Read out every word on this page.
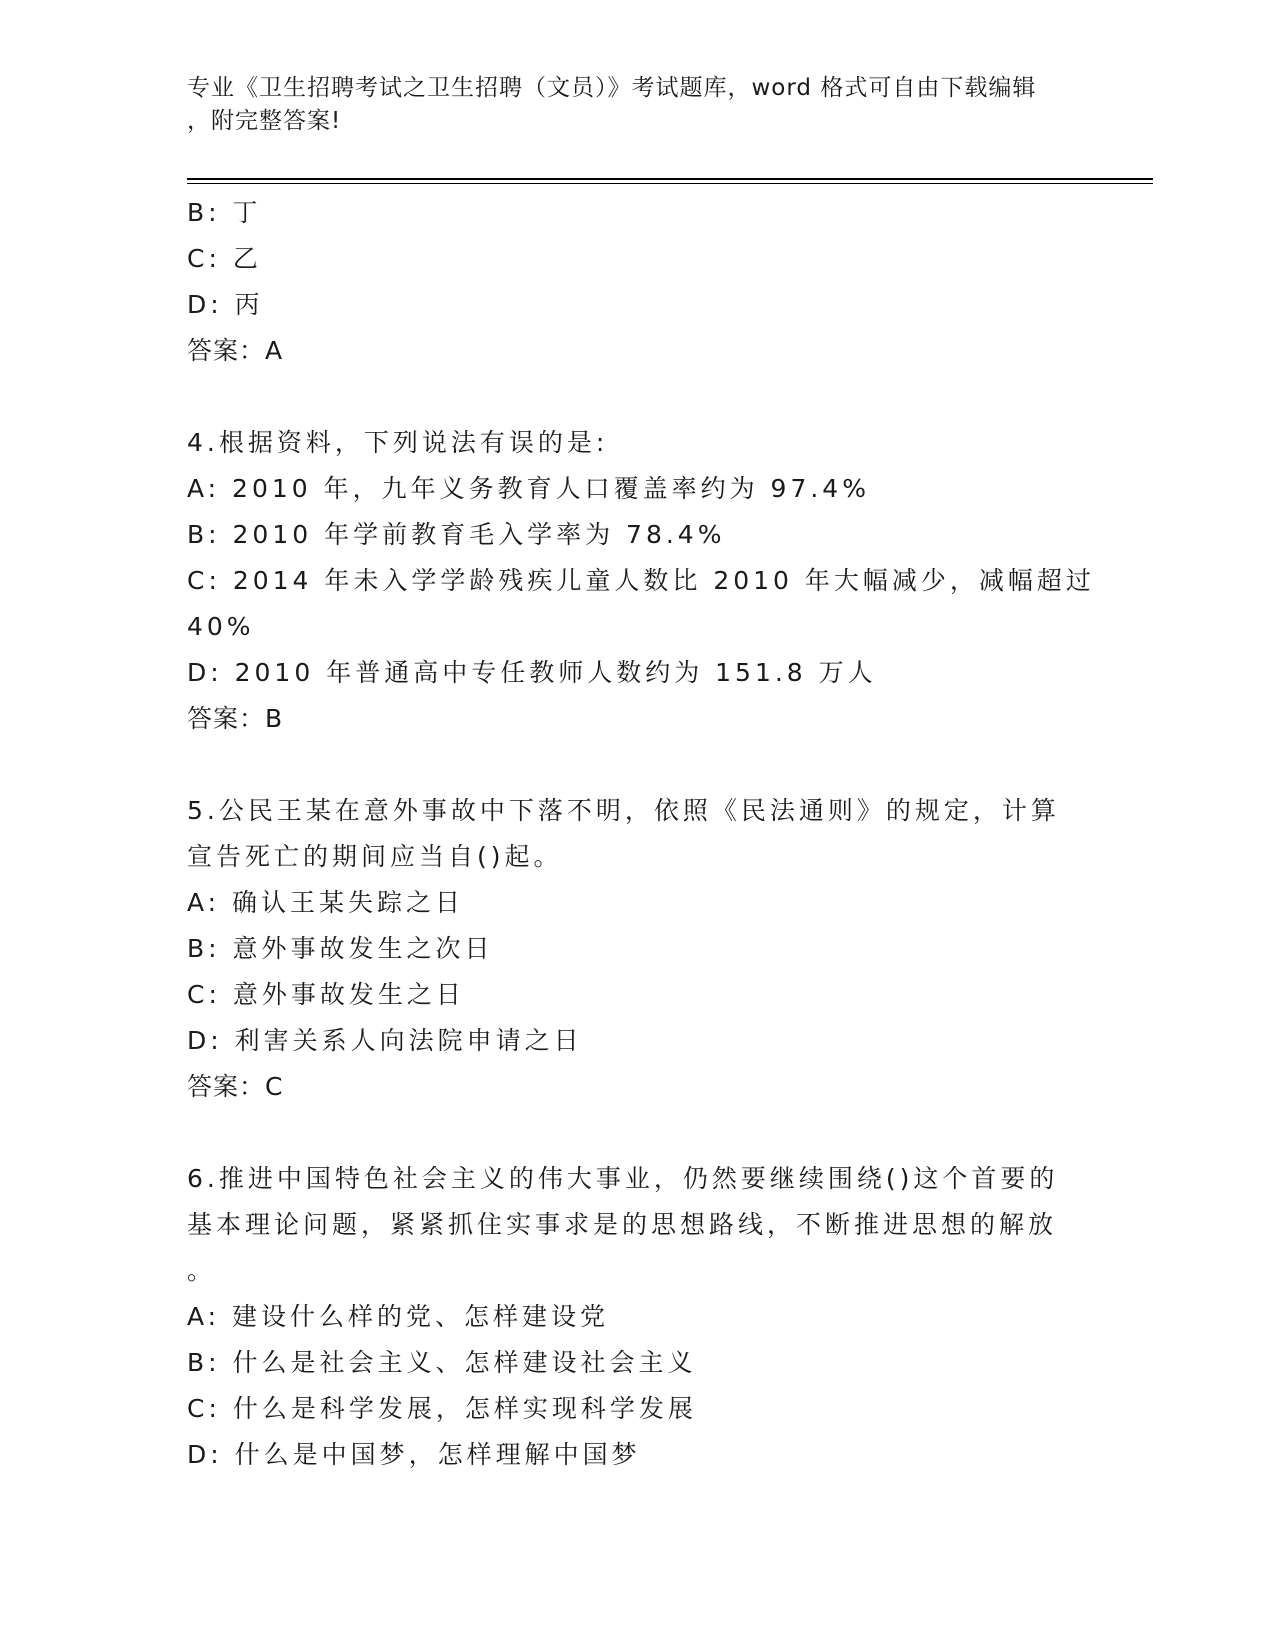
专业《卫生招聘考试之卫生招聘（文员）》考试题库，word 格式可自由下载编辑
，附完整答案!
B: 丁
C: 乙
D: 丙
答案：A
4.根据资料，下列说法有误的是:
A: 2010 年，九年义务教育人口覆盖率约为 97.4%
B: 2010 年学前教育毛入学率为 78.4%
C: 2014 年未入学学龄残疾儿童人数比 2010 年大幅减少，减幅超过
40%
D: 2010 年普通高中专任教师人数约为 151.8 万人
答案：B
5.公民王某在意外事故中下落不明，依照《民法通则》的规定，计算
宣告死亡的期间应当自()起。
A: 确认王某失踪之日
B: 意外事故发生之次日
C: 意外事故发生之日
D: 利害关系人向法院申请之日
答案：C
6.推进中国特色社会主义的伟大事业，仍然要继续围绕()这个首要的
基本理论问题，紧紧抓住实事求是的思想路线，不断推进思想的解放
。
A: 建设什么样的党、怎样建设党
B: 什么是社会主义、怎样建设社会主义
C: 什么是科学发展，怎样实现科学发展
D: 什么是中国梦，怎样理解中国梦
